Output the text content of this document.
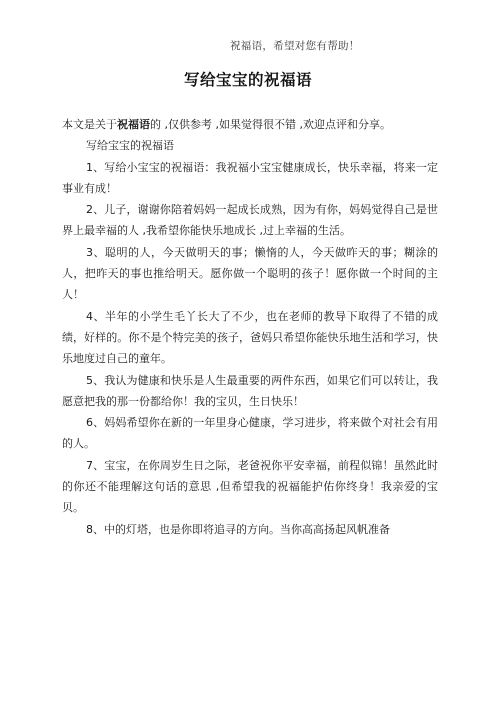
祝福语，希望对您有帮助！
写给宝宝的祝福语

本文是关于祝福语的 ,仅供参考 ,如果觉得很不错 ,欢迎点评和分享。

写给宝宝的祝福语

1、写给小宝宝的祝福语：我祝福小宝宝健康成长，快乐幸福，将来一定事业有成！

2、儿子，谢谢你陪着妈妈一起成长成熟，因为有你，妈妈觉得自己是世界上最幸福的人 ,我希望你能快乐地成长 ,过上幸福的生活。

3、聪明的人，今天做明天的事；懒惰的人，今天做昨天的事；糊涂的人，把昨天的事也推给明天。愿你做一个聪明的孩子！愿你做一个时间的主人！

4、半年的小学生毛丫长大了不少，也在老师的教导下取得了不错的成绩，好样的。你不是个特完美的孩子，爸妈只希望你能快乐地生活和学习，快乐地度过自己的童年。

5、我认为健康和快乐是人生最重要的两件东西，如果它们可以转让，我愿意把我的那一份都给你！我的宝贝，生日快乐！

6、妈妈希望你在新的一年里身心健康，学习进步，将来做个对社会有用的人。

7、宝宝，在你周岁生日之际，老爸祝你平安幸福，前程似锦！虽然此时的你还不能理解这句话的意思 ,但希望我的祝福能护佑你终身！我亲爱的宝贝。

8、中的灯塔，也是你即将追寻的方向。当你高高扬起风帆准备
